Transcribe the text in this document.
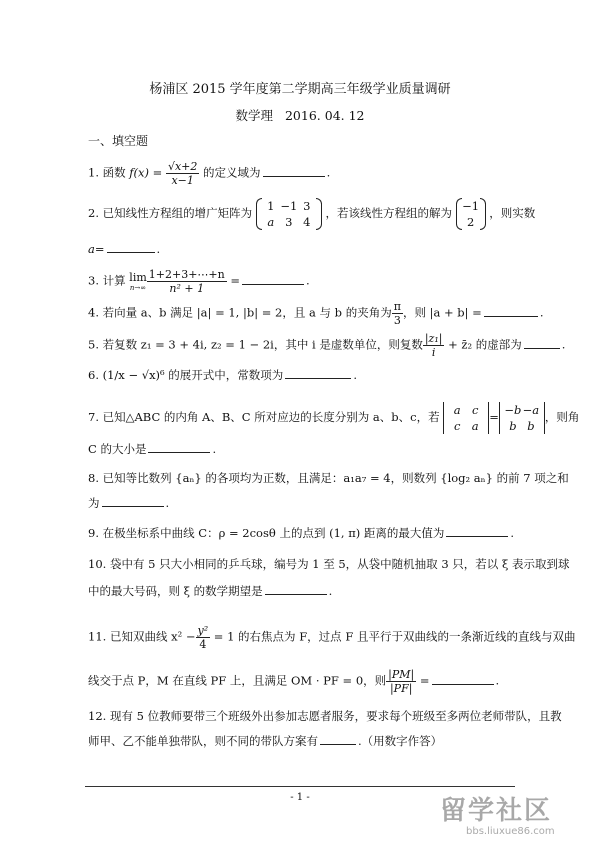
杨浦区 2015 学年度第二学期高三年级学业质量调研
数学理 2016. 04. 12
一、填空题
1. 函数 $f(x) = \frac{√x+2}{x-1}$ 的定义域为	.
2. 已知线性方程组的增广矩阵为	1 −1 3
a 3 4
，若该线性方程组的解为 −1
2
，则实数
a=	.
3. 计算 lim
$n\to\infty \frac{1+2+3+\cdots+n}{\text{n² + 1}}$ =	.
4. 若向量 a、b 满足 |a| = 1, |b| = 2，且 a 与 b 的夹角为 $\frac{\pi}{3}$ ，则 |a + b| =	.
5. 若复数 z₁ = 3 + 4i, z₂ = 1 − 2i，其中 i 是虚数单位，则复数 $\frac{\text{|z₁|}}{i}$ + z̄₂ 的虚部为	.
6. (1/x − √x)⁶ 的展开式中，常数项为	.
7. 已知△ABC 的内角 A、B、C 所对应边的长度分别为 a、b、c，若	a c
c a
= −b−a
b b
，则角
C 的大小是	.
8. 已知等比数列 {aₙ} 的各项均为正数，且满足：a₁a₇ = 4，则数列 {log₂ aₙ} 的前 7 项之和
为	.
9. 在极坐标系中曲线 C：ρ = 2cosθ 上的点到 (1, π) 距离的最大值为	.
10. 袋中有 5 只大小相同的乒乓球，编号为 1 至 5，从袋中随机抽取 3 只，若以 ξ 表示取到球
中的最大号码，则 ξ 的数学期望是	.
11. 已知双曲线 $x^2 - \frac{\text{y²}}{4} = 1$ 的右焦点为 F，过点 F 且平行于双曲线的一条渐近线的直线与双曲
线交于点 P，M 在直线 PF 上，且满足 OM · PF = 0，则 $\frac{|PM|}{|PF|}$ =	.
12. 现有 5 位教师要带三个班级外出参加志愿者服务，要求每个班级至多两位老师带队，且教
师甲、乙不能单独带队，则不同的带队方案有	.（用数字作答）
- 1 -	留学社区
bbs.liuxue86.com
